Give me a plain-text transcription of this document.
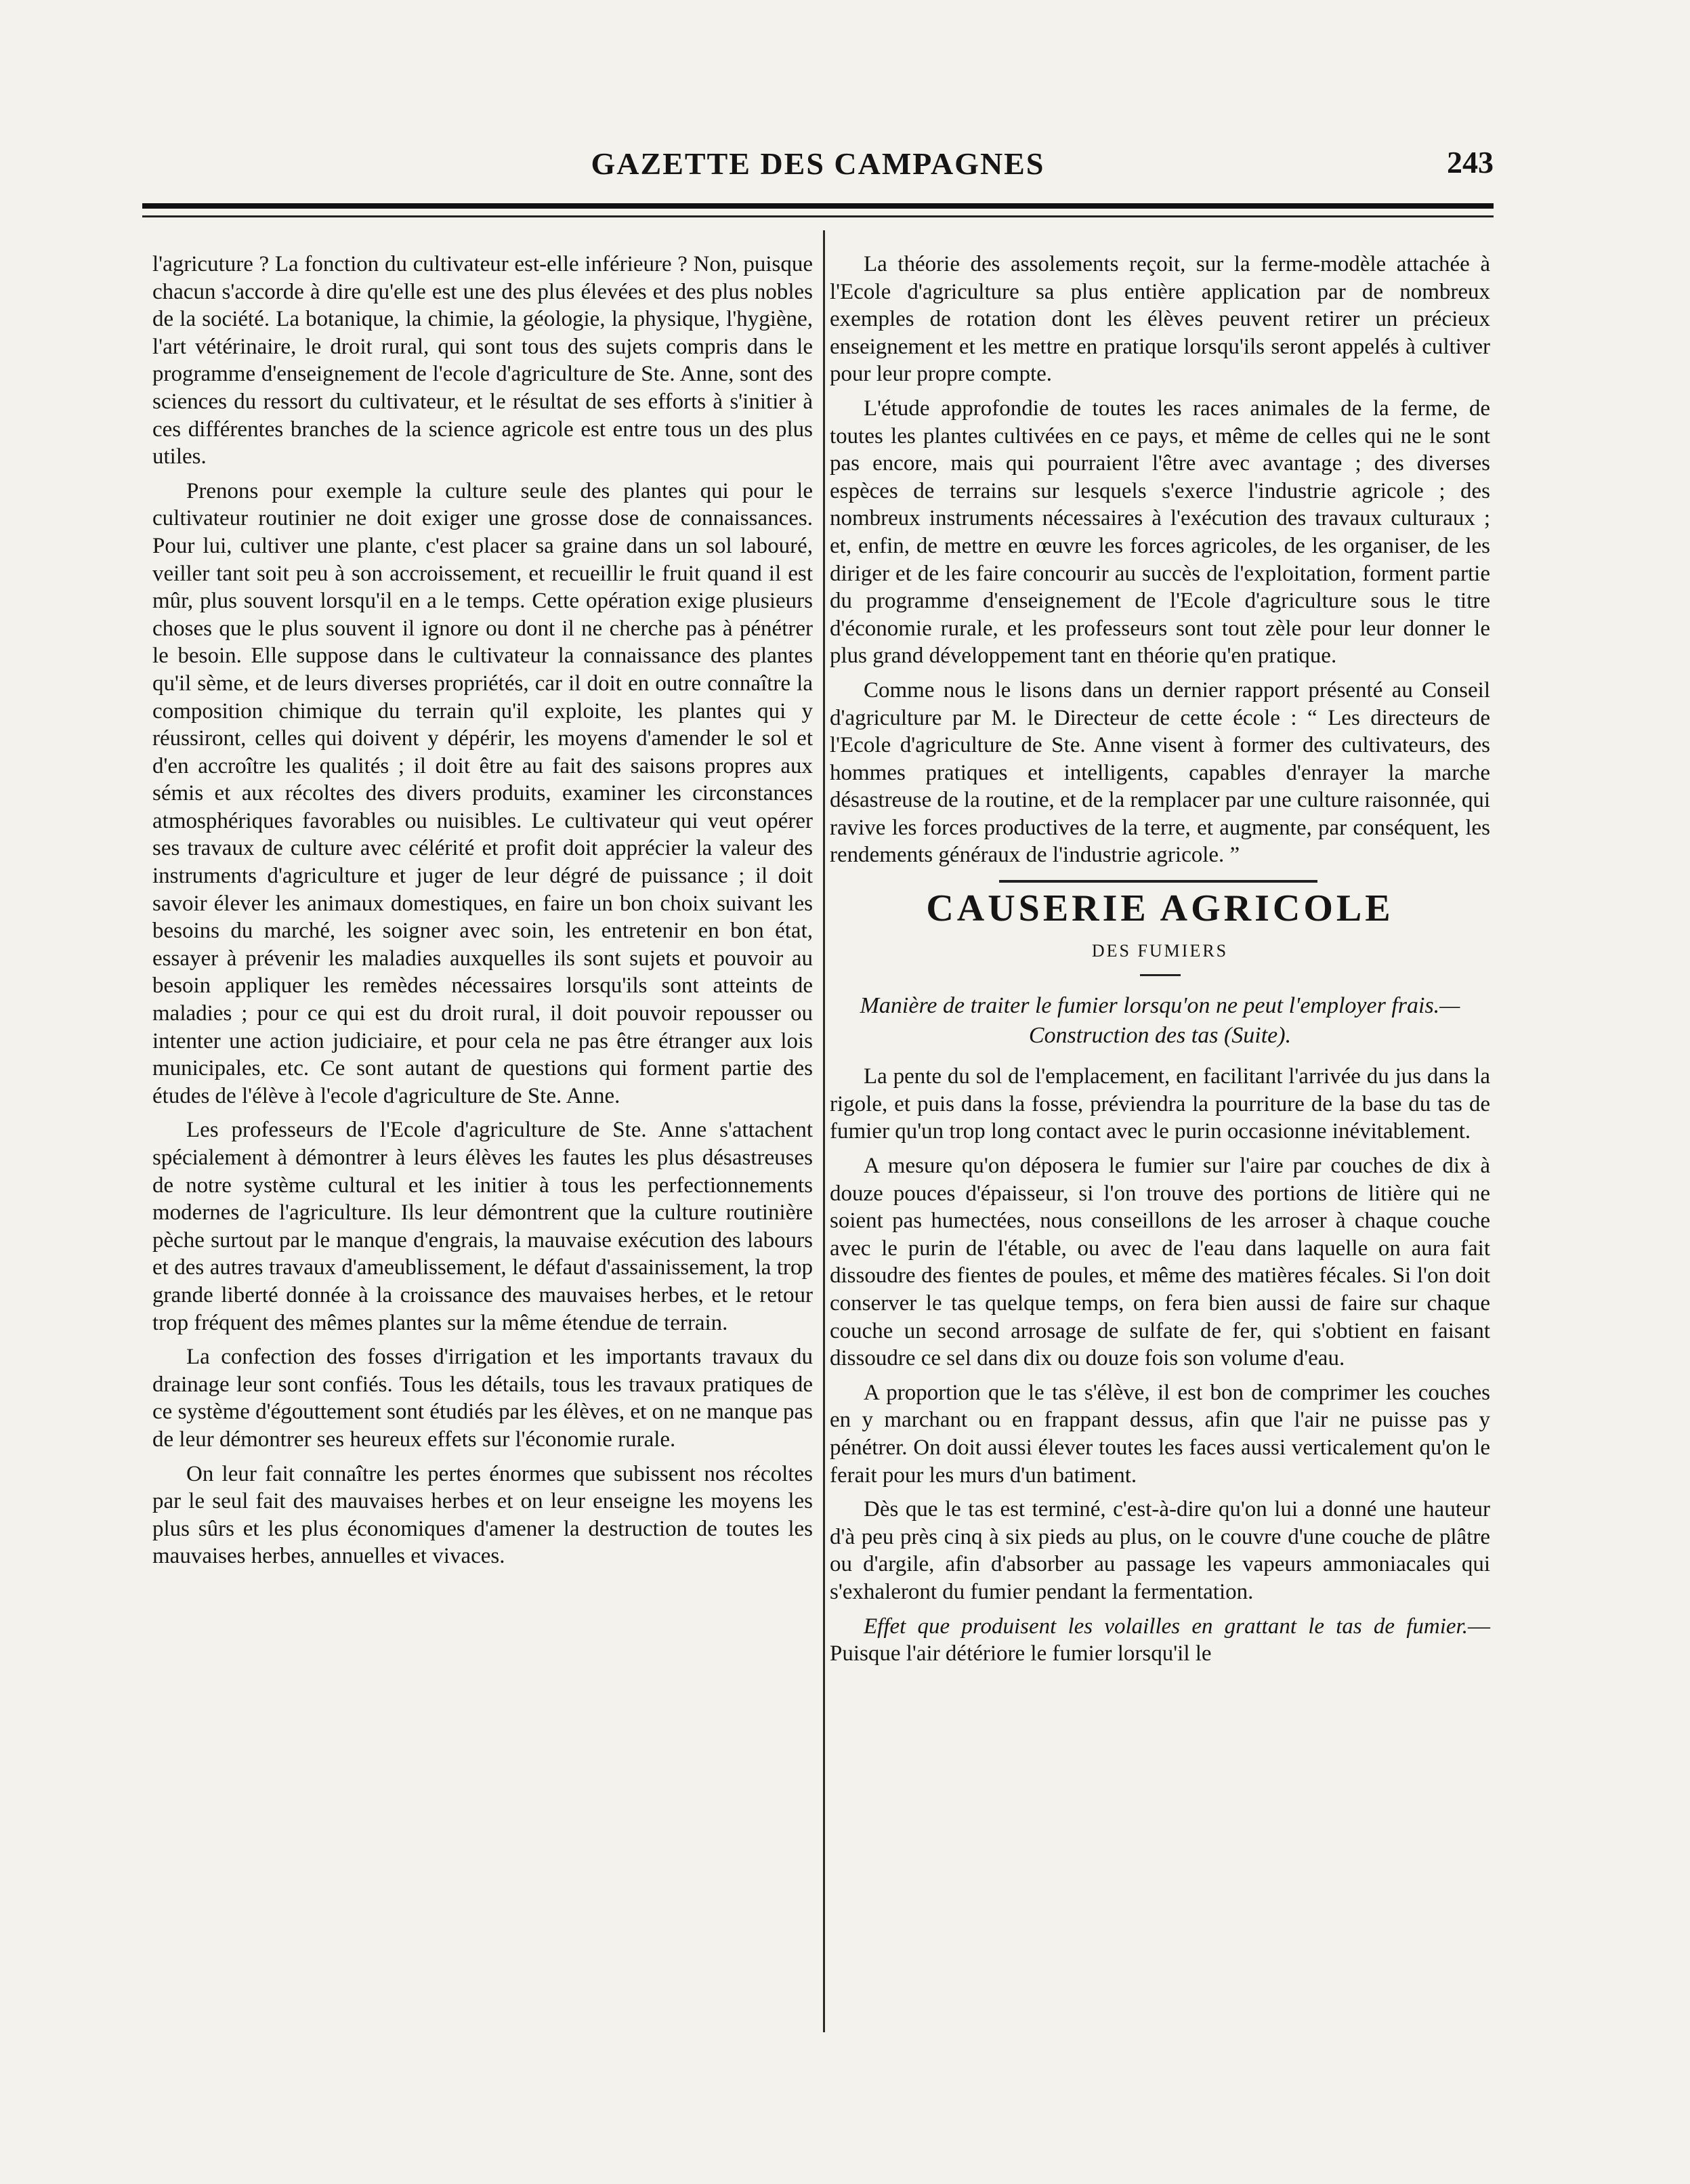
GAZETTE DES CAMPAGNES	243

l'agricuture ? La fonction du cultivateur est-elle inférieure ? Non, puisque chacun s'accorde à dire qu'elle est une des plus élevées et des plus nobles de la société. La botanique, la chimie, la géologie, la physique, l'hygiène, l'art vétérinaire, le droit rural, qui sont tous des sujets compris dans le programme d'enseignement de l'ecole d'agriculture de Ste. Anne, sont des sciences du ressort du cultivateur, et le résultat de ses efforts à s'initier à ces différentes branches de la science agricole est entre tous un des plus utiles.

Prenons pour exemple la culture seule des plantes qui pour le cultivateur routinier ne doit exiger une grosse dose de connaissances. Pour lui, cultiver une plante, c'est placer sa graine dans un sol labouré, veiller tant soit peu à son accroissement, et recueillir le fruit quand il est mûr, plus souvent lorsqu'il en a le temps. Cette opération exige plusieurs choses que le plus souvent il ignore ou dont il ne cherche pas à pénétrer le besoin. Elle suppose dans le cultivateur la connaissance des plantes qu'il sème, et de leurs diverses propriétés, car il doit en outre connaître la composition chimique du terrain qu'il exploite, les plantes qui y réussiront, celles qui doivent y dépérir, les moyens d'amender le sol et d'en accroître les qualités ; il doit être au fait des saisons propres aux sémis et aux récoltes des divers produits, examiner les circonstances atmosphériques favorables ou nuisibles. Le cultivateur qui veut opérer ses travaux de culture avec célérité et profit doit apprécier la valeur des instruments d'agriculture et juger de leur dégré de puissance ; il doit savoir élever les animaux domestiques, en faire un bon choix suivant les besoins du marché, les soigner avec soin, les entretenir en bon état, essayer à prévenir les maladies auxquelles ils sont sujets et pouvoir au besoin appliquer les remèdes nécessaires lorsqu'ils sont atteints de maladies ; pour ce qui est du droit rural, il doit pouvoir repousser ou intenter une action judiciaire, et pour cela ne pas être étranger aux lois municipales, etc. Ce sont autant de questions qui forment partie des études de l'élève à l'ecole d'agriculture de Ste. Anne.

Les professeurs de l'Ecole d'agriculture de Ste. Anne s'attachent spécialement à démontrer à leurs élèves les fautes les plus désastreuses de notre système cultural et les initier à tous les perfectionnements modernes de l'agriculture. Ils leur démontrent que la culture routinière pèche surtout par le manque d'engrais, la mauvaise exécution des labours et des autres travaux d'ameublissement, le défaut d'assainissement, la trop grande liberté donnée à la croissance des mauvaises herbes, et le retour trop fréquent des mêmes plantes sur la même étendue de terrain.

La confection des fosses d'irrigation et les importants travaux du drainage leur sont confiés. Tous les détails, tous les travaux pratiques de ce système d'égouttement sont étudiés par les élèves, et on ne manque pas de leur démontrer ses heureux effets sur l'économie rurale.

On leur fait connaître les pertes énormes que subissent nos récoltes par le seul fait des mauvaises herbes et on leur enseigne les moyens les plus sûrs et les plus économiques d'amener la destruction de toutes les mauvaises herbes, annuelles et vivaces.

La théorie des assolements reçoit, sur la ferme-modèle attachée à l'Ecole d'agriculture sa plus entière application par de nombreux exemples de rotation dont les élèves peuvent retirer un précieux enseignement et les mettre en pratique lorsqu'ils seront appelés à cultiver pour leur propre compte.

L'étude approfondie de toutes les races animales de la ferme, de toutes les plantes cultivées en ce pays, et même de celles qui ne le sont pas encore, mais qui pourraient l'être avec avantage ; des diverses espèces de terrains sur lesquels s'exerce l'industrie agricole ; des nombreux instruments nécessaires à l'exécution des travaux culturaux ; et, enfin, de mettre en œuvre les forces agricoles, de les organiser, de les diriger et de les faire concourir au succès de l'exploitation, forment partie du programme d'enseignement de l'Ecole d'agriculture sous le titre d'économie rurale, et les professeurs sont tout zèle pour leur donner le plus grand développement tant en théorie qu'en pratique.

Comme nous le lisons dans un dernier rapport présenté au Conseil d'agriculture par M. le Directeur de cette école : “ Les directeurs de l'Ecole d'agriculture de Ste. Anne visent à former des cultivateurs, des hommes pratiques et intelligents, capables d'enrayer la marche désastreuse de la routine, et de la remplacer par une culture raisonnée, qui ravive les forces productives de la terre, et augmente, par conséquent, les rendements généraux de l'industrie agricole. ”

CAUSERIE AGRICOLE
DES FUMIERS
Manière de traiter le fumier lorsqu'on ne peut l'employer frais.—Construction des tas (Suite).

La pente du sol de l'emplacement, en facilitant l'arrivée du jus dans la rigole, et puis dans la fosse, préviendra la pourriture de la base du tas de fumier qu'un trop long contact avec le purin occasionne inévitablement.

A mesure qu'on déposera le fumier sur l'aire par couches de dix à douze pouces d'épaisseur, si l'on trouve des portions de litière qui ne soient pas humectées, nous conseillons de les arroser à chaque couche avec le purin de l'étable, ou avec de l'eau dans laquelle on aura fait dissoudre des fientes de poules, et même des matières fécales. Si l'on doit conserver le tas quelque temps, on fera bien aussi de faire sur chaque couche un second arrosage de sulfate de fer, qui s'obtient en faisant dissoudre ce sel dans dix ou douze fois son volume d'eau.

A proportion que le tas s'élève, il est bon de comprimer les couches en y marchant ou en frappant dessus, afin que l'air ne puisse pas y pénétrer. On doit aussi élever toutes les faces aussi verticalement qu'on le ferait pour les murs d'un batiment.

Dès que le tas est terminé, c'est-à-dire qu'on lui a donné une hauteur d'à peu près cinq à six pieds au plus, on le couvre d'une couche de plâtre ou d'argile, afin d'absorber au passage les vapeurs ammoniacales qui s'exhaleront du fumier pendant la fermentation.

Effet que produisent les volailles en grattant le tas de fumier.—Puisque l'air détériore le fumier lorsqu'il le
